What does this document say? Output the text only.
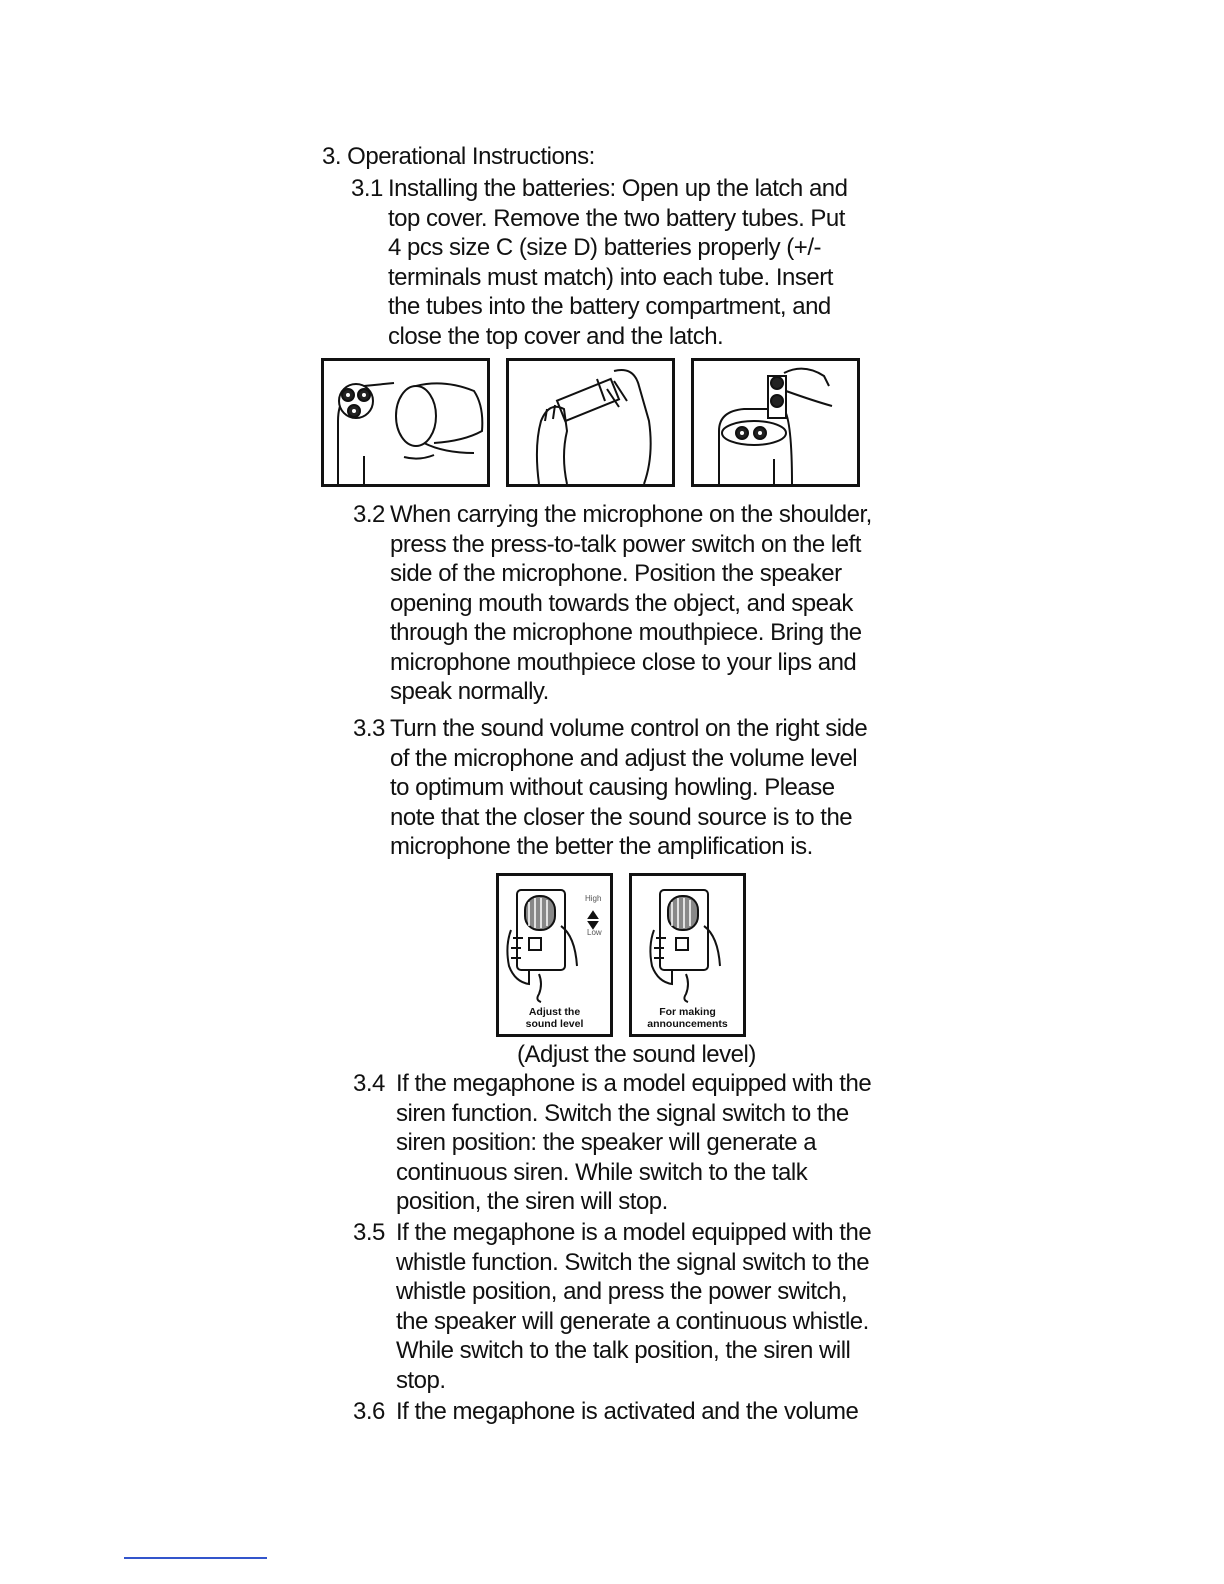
3. Operational Instructions:
3.1 Installing the batteries: Open up the latch and
top cover. Remove the two battery tubes. Put
4 pcs size C (size D) batteries properly (+/-
terminals must match) into each tube. Insert
the tubes into the battery compartment, and
close the top cover and the latch.
3.2 When carrying the microphone on the shoulder,
press the press-to-talk power switch on the left
side of the microphone. Position the speaker
opening mouth towards the object, and speak
through the microphone mouthpiece. Bring the
microphone mouthpiece close to your lips and
speak normally.
3.3 Turn the sound volume control on the right side
of the microphone and adjust the volume level
to optimum without causing howling. Please
note that the closer the sound source is to the
microphone the better the amplification is.
High
Low
Adjust the
sound level
For making
announcements
(Adjust the sound level)
3.4 If the megaphone is a model equipped with the
siren function. Switch the signal switch to the
siren position: the speaker will generate a
continuous siren. While switch to the talk
position, the siren will stop.
3.5 If the megaphone is a model equipped with the
whistle function. Switch the signal switch to the
whistle position, and press the power switch,
the speaker will generate a continuous whistle.
While switch to the talk position, the siren will
stop.
3.6 If the megaphone is activated and the volume
